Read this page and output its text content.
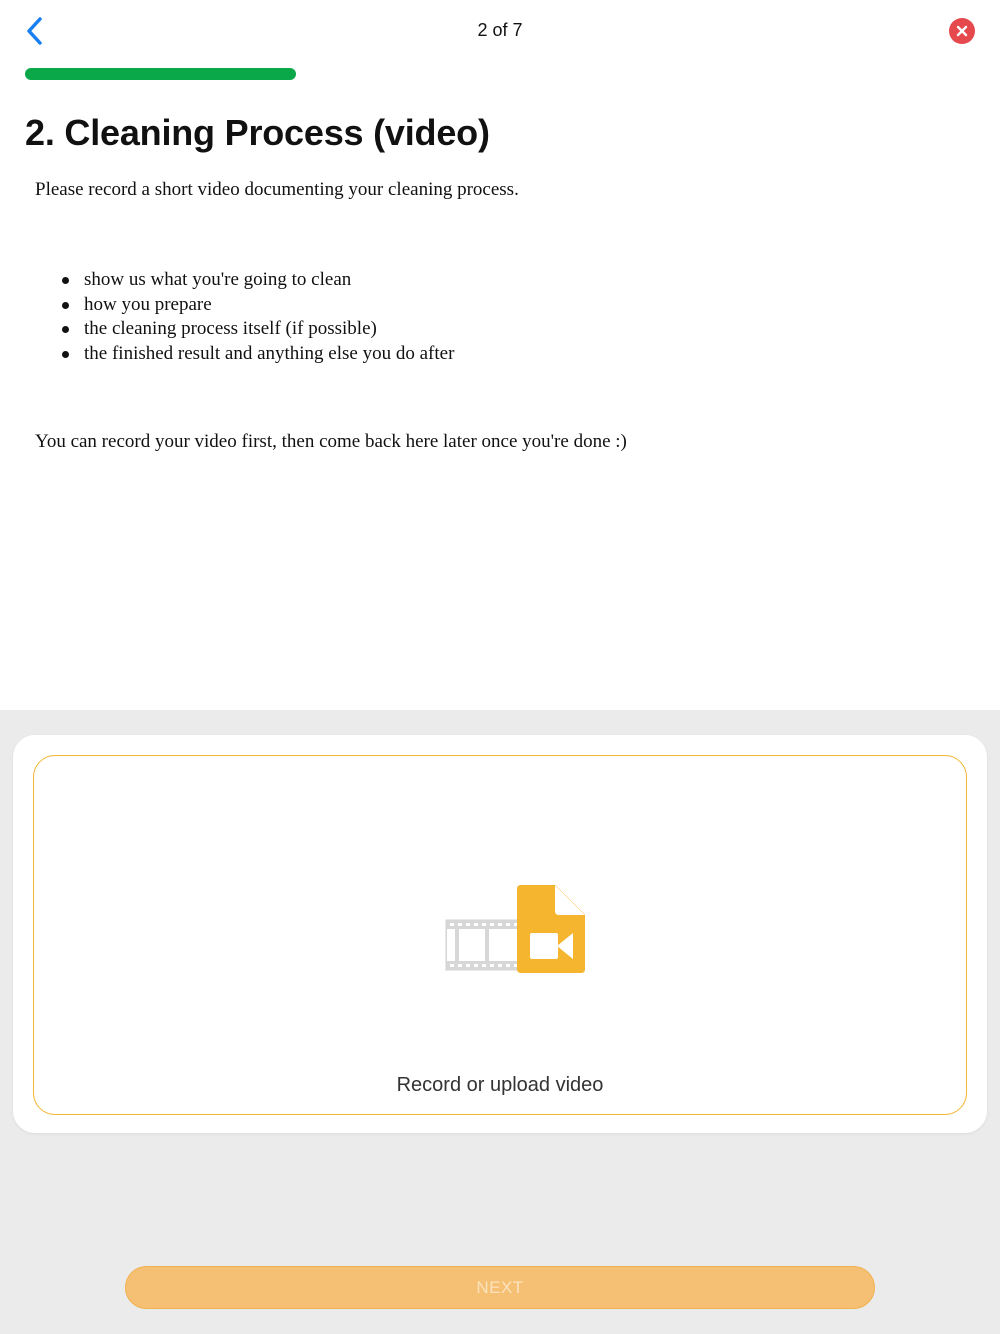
2 of 7
2. Cleaning Process (video)

Please record a short video documenting your cleaning process.

show us what you're going to clean
how you prepare
the cleaning process itself (if possible)
the finished result and anything else you do after

You can record your video first, then come back here later once you're done :)

Record or upload video
NEXT
